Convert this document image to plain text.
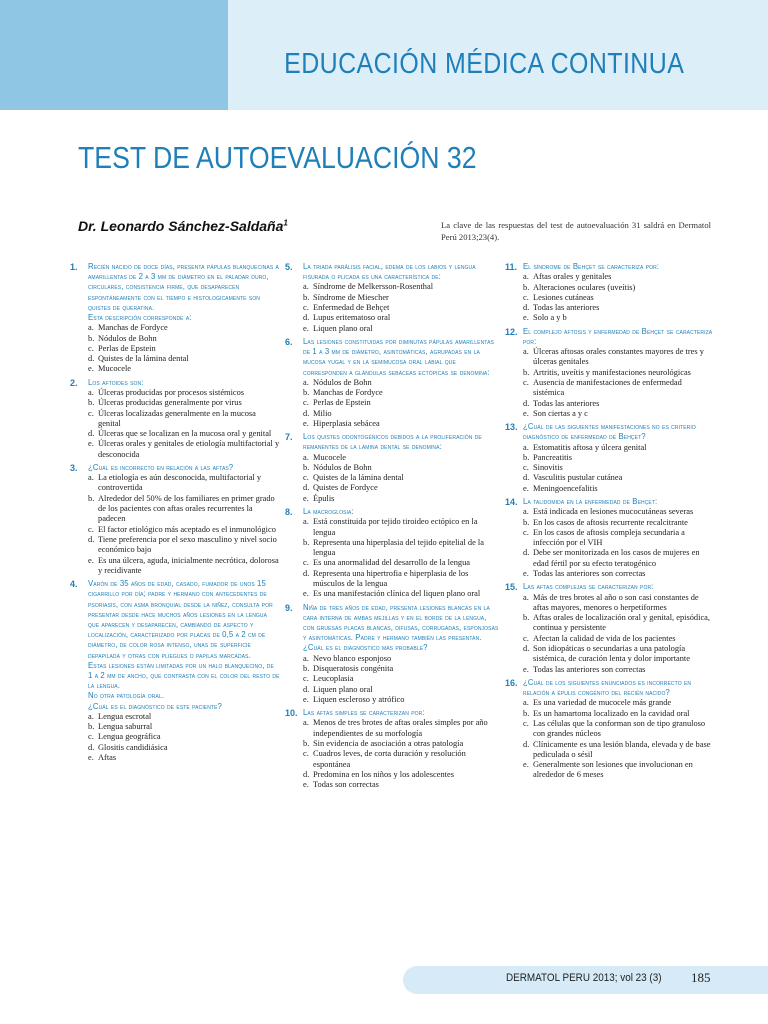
EDUCACIÓN MÉDICA CONTINUA
TEST DE AUTOEVALUACIÓN 32
Dr. Leonardo Sánchez-Saldaña$^1$	La clave de las respuestas del test de autoevaluación 31 saldrá en Dermatol Perú 2013;23(4).
1.	Recién nacido de doce días, presenta pápulas blanquecinas a amarillentas de 2 a 3 mm de diámetro en el paladar duro, circulares, consistencia firme, que desaparecen espontáneamente con el tiempo e histologicamente son quistes de queratina.

Esta descripción corresponde a:

a. Manchas de Fordyce
b. Nódulos de Bohn
c. Perlas de Epstein
d. Quistes de la lámina dental
e. Mucocele
2.	Los aftoides son:

a. Úlceras producidas por procesos sistémicos
b. Úlceras producidas generalmente por virus
c. Úlceras localizadas generalmente en la mucosa genital
d. Úlceras que se localizan en la mucosa oral y genital
e. Úlceras orales y genitales de etiología multifactorial y desconocida
3.	¿Cuál es incorrecto en relación a las aftas?

a. La etiología es aún desconocida, multifactorial y controvertida
b. Alrededor del 50% de los familiares en primer grado de los pacientes con aftas orales recurrentes la padecen
c. El factor etiológico más aceptado es el inmunológico
d. Tiene preferencia por el sexo masculino y nivel socio económico bajo
e. Es una úlcera, aguda, inicialmente necrótica, dolorosa y recidivante
4.	Varón de 35 años de edad, casado, fumador de unos 15 cigarrillo por día; padre y hermano con antecedentes de psoriasis, con asma bronquial desde la niñez, consulta por presentar desde hace muchos años lesiones en la lengua que aparecen y desaparecen, cambiando de aspecto y localización, caracterizado por placas de 0,5 a 2 cm de diámetro, de color rosa intenso, unas de superficie depapilada y otras con pliegues o papilas marcadas.

Estas lesiones están limitadas por un halo blanquecino, de 1 a 2 mm de ancho, que contrasta con el color del resto de la lengua.

No otra patología oral.

¿Cuál es el diagnóstico de este paciente?

a. Lengua escrotal
b. Lengua saburral
c. Lengua geográfica
d. Glositis candidiásica
e. Aftas
5.	La triada parálisis facial, edema de los labios y lengua fisurada o plicada es una característica de:

a. Síndrome de Melkersson-Rosenthal
b. Síndrome de Miescher
c. Enfermedad de Behçet
d. Lupus eritematoso oral
e. Liquen plano oral
6.	Las lesiones constituidas por diminutas pápulas amarillentas de 1 a 3 mm de diámetro, asintomáticas, agrupadas en la mucosa yugal y en la semimucosa oral labial que corresponden a glándulas sebáceas ectópicas se denomina:

a. Nódulos de Bohn
b. Manchas de Fordyce
c. Perlas de Epstein
d. Milio
e. Hiperplasia sebácea
7.	Los quistes odontogénicos debidos a la proliferación de remanentes de la lámina dental se denomina:

a. Mucocele
b. Nódulos de Bohn
c. Quistes de la lámina dental
d. Quistes de Fordyce
e. Épulis
8.	La macroglosia:

a. Está constituida por tejido tiroideo ectópico en la lengua
b. Representa una hiperplasia del tejido epitelial de la lengua
c. Es una anormalidad del desarrollo de la lengua
d. Representa una hipertrofia e hiperplasia de los músculos de la lengua
e. Es una manifestación clínica del liquen plano oral
9.	Niña de tres años de edad, presenta lesiones blancas en la cara interna de ambas mejillas y en el borde de la lengua, con gruesas placas blancas, difusas, corrugadas, esponjosas y asintomáticas. Padre y hermano también las presentan. ¿Cuál es el diagnóstico más probable?

a. Nevo blanco esponjoso
b. Disqueratosis congénita
c. Leucoplasia
d. Liquen plano oral
e. Liquen escleroso y atrófico
10. Las aftas simples se caracterizan por:

a. Menos de tres brotes de aftas orales simples por año independientes de su morfología
b. Sin evidencia de asociación a otras patología
c. Cuadros leves, de corta duración y resolución espontánea
d. Predomina en los niños y los adolescentes
e. Todas son correctas
11. El síndrome de Behçet se caracteriza por:

a. Aftas orales y genitales
b. Alteraciones oculares (uveítis)
c. Lesiones cutáneas
d. Todas las anteriores
e. Solo a y b
12. El complejo aftosis y enfermedad de Behçet se caracteriza por:

a. Úlceras aftosas orales constantes mayores de tres y úlceras genitales
b. Artritis, uveítis y manifestaciones neurológicas
c. Ausencia de manifestaciones de enfermedad sistémica
d. Todas las anteriores
e. Son ciertas a y c
13. ¿Cuál de las siguientes manifestaciones no es criterio diagnóstico de enfermedad de Behçet?

a. Estomatitis aftosa y úlcera genital
b. Pancreatitis
c. Sinovitis
d. Vasculitis pustular cutánea
e. Meningoencefalitis
14. La talidomida en la enfermedad de Behçet:

a. Está indicada en lesiones mucocutáneas severas
b. En los casos de aftosis recurrente recalcitrante
c. En los casos de aftosis compleja secundaria a infección por el VIH
d. Debe ser monitorizada en los casos de mujeres en edad fértil por su efecto teratogénico
e. Todas las anteriores son correctas
15. Las aftas complejas se caracterizan por:

a. Más de tres brotes al año o son casi constantes de aftas mayores, menores o herpetiformes
b. Aftas orales de localización oral y genital, episódica, continua y persistente
c. Afectan la calidad de vida de los pacientes
d. Son idiopáticas o secundarias a una patología sistémica, de curación lenta y dolor importante
e. Todas las anteriores son correctas
16. ¿Cuál de los siguientes enunciados es incorrecto en relación a épulis congénito del recién nacido?

a. Es una variedad de mucocele más grande
b. Es un hamartoma localizado en la cavidad oral
c. Las células que la conforman son de tipo granuloso con grandes núcleos
d. Clínicamente es una lesión blanda, elevada y de base pediculada o sésil
e. Generalmente son lesiones que involucionan en alrededor de 6 meses
DERMATOL PERU 2013; vol 23 (3) 185
